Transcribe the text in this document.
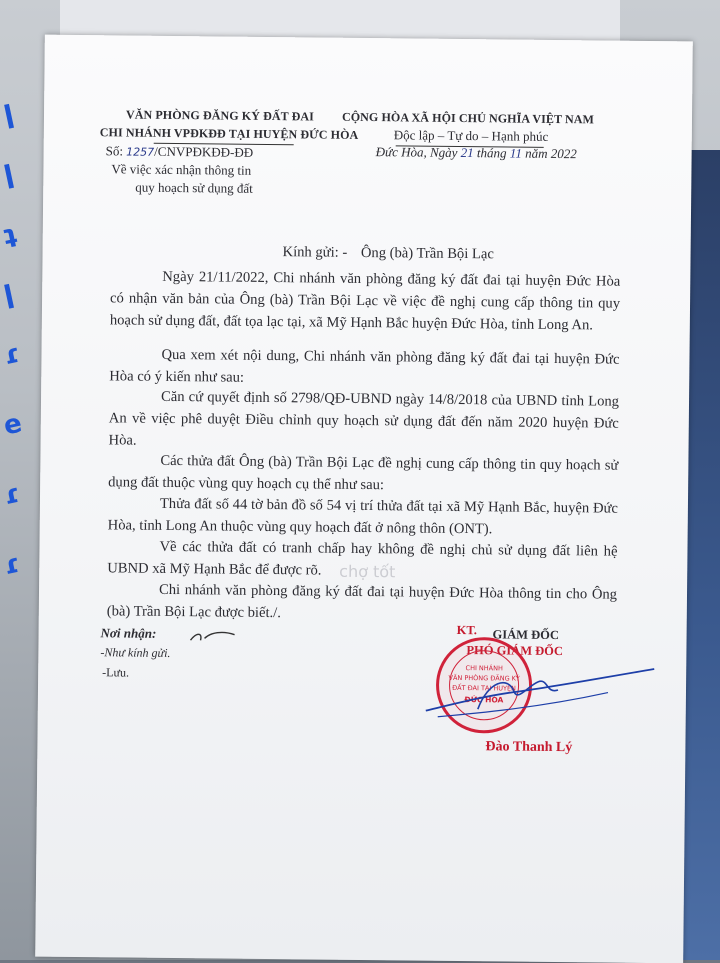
ǀ
ǀ
ʇ
ǀ
ɾ
e
ɾ
ɾ
VĂN PHÒNG ĐĂNG KÝ ĐẤT ĐAI
CHI NHÁNH VPĐKĐĐ TẠI HUYỆN ĐỨC HÒA
Số: 1257/CNVPĐKĐĐ-ĐĐ
Về việc xác nhận thông tin
quy hoạch sử dụng đất
CỘNG HÒA XÃ HỘI CHỦ NGHĨA VIỆT NAM
Độc lập – Tự do – Hạnh phúc
Đức Hòa, Ngày 21 tháng 11 năm 2022
Kính gửi: - Ông (bà) Trần Bội Lạc
Ngày 21/11/2022, Chi nhánh văn phòng đăng ký đất đai tại huyện Đức Hòa có nhận văn bản của Ông (bà) Trần Bội Lạc về việc đề nghị cung cấp thông tin quy hoạch sử dụng đất, đất tọa lạc tại, xã Mỹ Hạnh Bắc huyện Đức Hòa, tỉnh Long An.
Qua xem xét nội dung, Chi nhánh văn phòng đăng ký đất đai tại huyện Đức Hòa có ý kiến như sau:
Căn cứ quyết định số 2798/QĐ-UBND ngày 14/8/2018 của UBND tỉnh Long An về việc phê duyệt Điều chỉnh quy hoạch sử dụng đất đến năm 2020 huyện Đức Hòa.
Các thửa đất Ông (bà) Trần Bội Lạc đề nghị cung cấp thông tin quy hoạch sử dụng đất thuộc vùng quy hoạch cụ thể như sau:
Thửa đất số 44 tờ bản đồ số 54 vị trí thửa đất tại xã Mỹ Hạnh Bắc, huyện Đức Hòa, tỉnh Long An thuộc vùng quy hoạch đất ở nông thôn (ONT).
Về các thửa đất có tranh chấp hay không đề nghị chủ sử dụng đất liên hệ UBND xã Mỹ Hạnh Bắc để được rõ.
Chi nhánh văn phòng đăng ký đất đai tại huyện Đức Hòa thông tin cho Ông (bà) Trần Bội Lạc được biết./.
chợ tốt
Nơi nhận:
-Như kính gửi.
-Lưu.
KT. GIÁM ĐỐC
PHÓ GIÁM ĐỐC
CHI NHÁNH
VĂN PHÒNG ĐĂNG KÝ
ĐẤT ĐAI TẠI HUYỆN
ĐỨC HÒA
Đào Thanh Lý
